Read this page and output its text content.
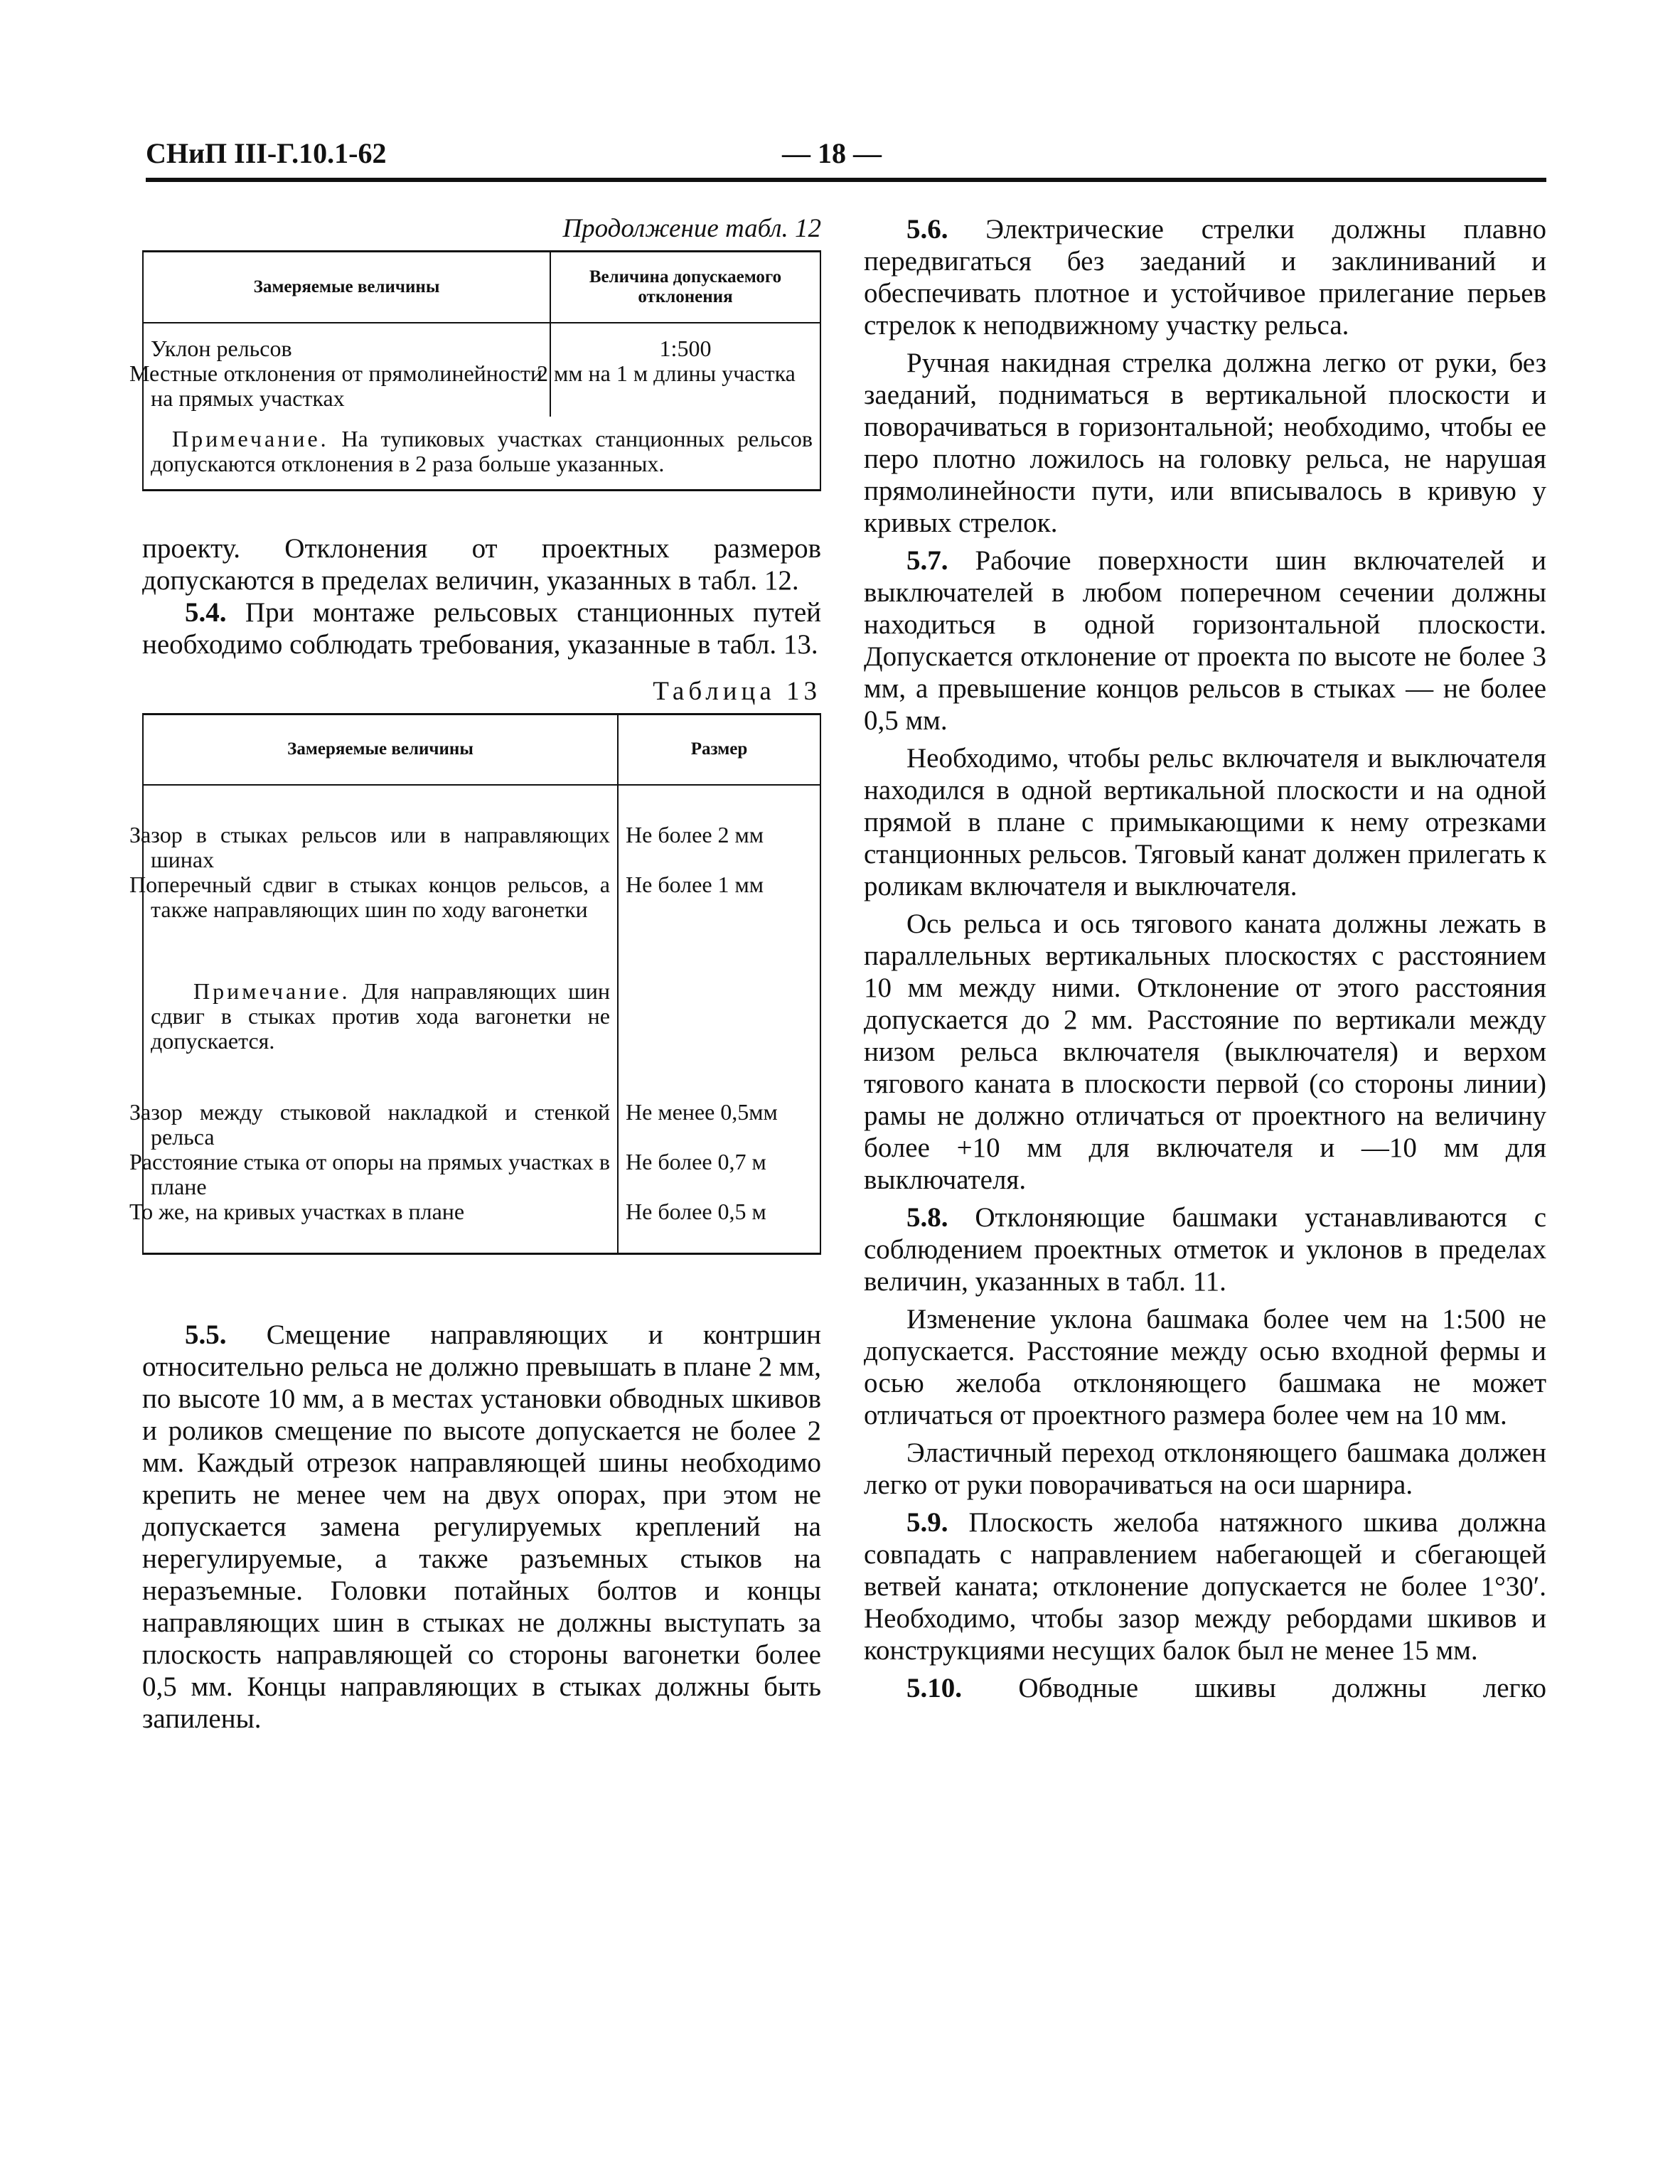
СНиП III-Г.10.1-62	— 18 —
Продолжение табл. 12
Замеряемые величины	Величина допускаемого отклонения
Уклон рельсов	1:500
Местные отклонения от прямолинейности на прямых участках	2 мм на 1 м длины участка
Примечание. На тупиковых участках станционных рельсов допускаются отклонения в 2 раза больше указанных.	

проекту. Отклонения от проектных размеров допускаются в пределах величин, указанных в табл. 12.

5.4. При монтаже рельсовых станционных путей необходимо соблюдать требования, указанные в табл. 13.

Таблица 13
Замеряемые величины	Размер
Зазор в стыках рельсов или в направляющих шинах	Не более 2 мм
Поперечный сдвиг в стыках концов рельсов, а также направляющих шин по ходу вагонетки	Не более 1 мм
Примечание. Для направляющих шин сдвиг в стыках против хода вагонетки не допускается.	
Зазор между стыковой накладкой и стенкой рельса	Не менее 0,5мм
Расстояние стыка от опоры на прямых участках в плане	Не более 0,7 м
То же, на кривых участках в плане	Не более 0,5 м

5.5. Смещение направляющих и контршин относительно рельса не должно превышать в плане 2 мм, по высоте 10 мм, а в местах установки обводных шкивов и роликов смещение по высоте допускается не более 2 мм. Каждый отрезок направляющей шины необходимо крепить не менее чем на двух опорах, при этом не допускается замена регулируемых креплений на нерегулируемые, а также разъемных стыков на неразъемные. Головки потайных болтов и концы направляющих шин в стыках не должны выступать за плоскость направляющей со стороны вагонетки более 0,5 мм. Концы направляющих в стыках должны быть запилены.

5.6. Электрические стрелки должны плавно передвигаться без заеданий и заклиниваний и обеспечивать плотное и устойчивое прилегание перьев стрелок к неподвижному участку рельса.

Ручная накидная стрелка должна легко от руки, без заеданий, подниматься в вертикальной плоскости и поворачиваться в горизонтальной; необходимо, чтобы ее перо плотно ложилось на головку рельса, не нарушая прямолинейности пути, или вписывалось в кривую у кривых стрелок.

5.7. Рабочие поверхности шин включателей и выключателей в любом поперечном сечении должны находиться в одной горизонтальной плоскости. Допускается отклонение от проекта по высоте не более 3 мм, а превышение концов рельсов в стыках — не более 0,5 мм.

Необходимо, чтобы рельс включателя и выключателя находился в одной вертикальной плоскости и на одной прямой в плане с примыкающими к нему отрезками станционных рельсов. Тяговый канат должен прилегать к роликам включателя и выключателя.

Ось рельса и ось тягового каната должны лежать в параллельных вертикальных плоскостях с расстоянием 10 мм между ними. Отклонение от этого расстояния допускается до 2 мм. Расстояние по вертикали между низом рельса включателя (выключателя) и верхом тягового каната в плоскости первой (со стороны линии) рамы не должно отличаться от проектного на величину более +10 мм для включателя и —10 мм для выключателя.

5.8. Отклоняющие башмаки устанавливаются с соблюдением проектных отметок и уклонов в пределах величин, указанных в табл. 11.

Изменение уклона башмака более чем на 1:500 не допускается. Расстояние между осью входной фермы и осью желоба отклоняющего башмака не может отличаться от проектного размера более чем на 10 мм.

Эластичный переход отклоняющего башмака должен легко от руки поворачиваться на оси шарнира.

5.9. Плоскость желоба натяжного шкива должна совпадать с направлением набегающей и сбегающей ветвей каната; отклонение допускается не более 1°30′. Необходимо, чтобы зазор между ребордами шкивов и конструкциями несущих балок был не менее 15 мм.

5.10. Обводные шкивы должны легко
